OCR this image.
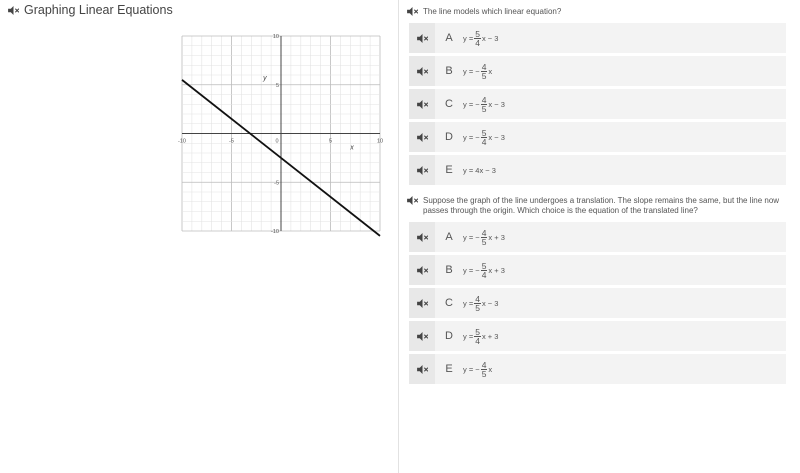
Graphing Linear Equations
-10	-5	0	5	10
10
5
-5
-10
x
y
The line models which linear equation?
A	$y = \frac{5}{4}$ x − 3
B	y = − $\frac{4}{5}$ x
C	y = − $\frac{4}{5}$ x − 3
D	y = − $\frac{5}{4}$ x − 3
E	y = 4x − 3
Suppose the graph of the line undergoes a translation. The slope remains the same, but the line now passes through the origin. Which choice is the equation of the translated line?
A	y = − $\frac{4}{5}$ x + 3
B	y = − $\frac{5}{4}$ x + 3
C	$y = \frac{4}{5}$ x − 3
D	$y = \frac{5}{4}$ x + 3
E	y = − $\frac{4}{5}$ x
